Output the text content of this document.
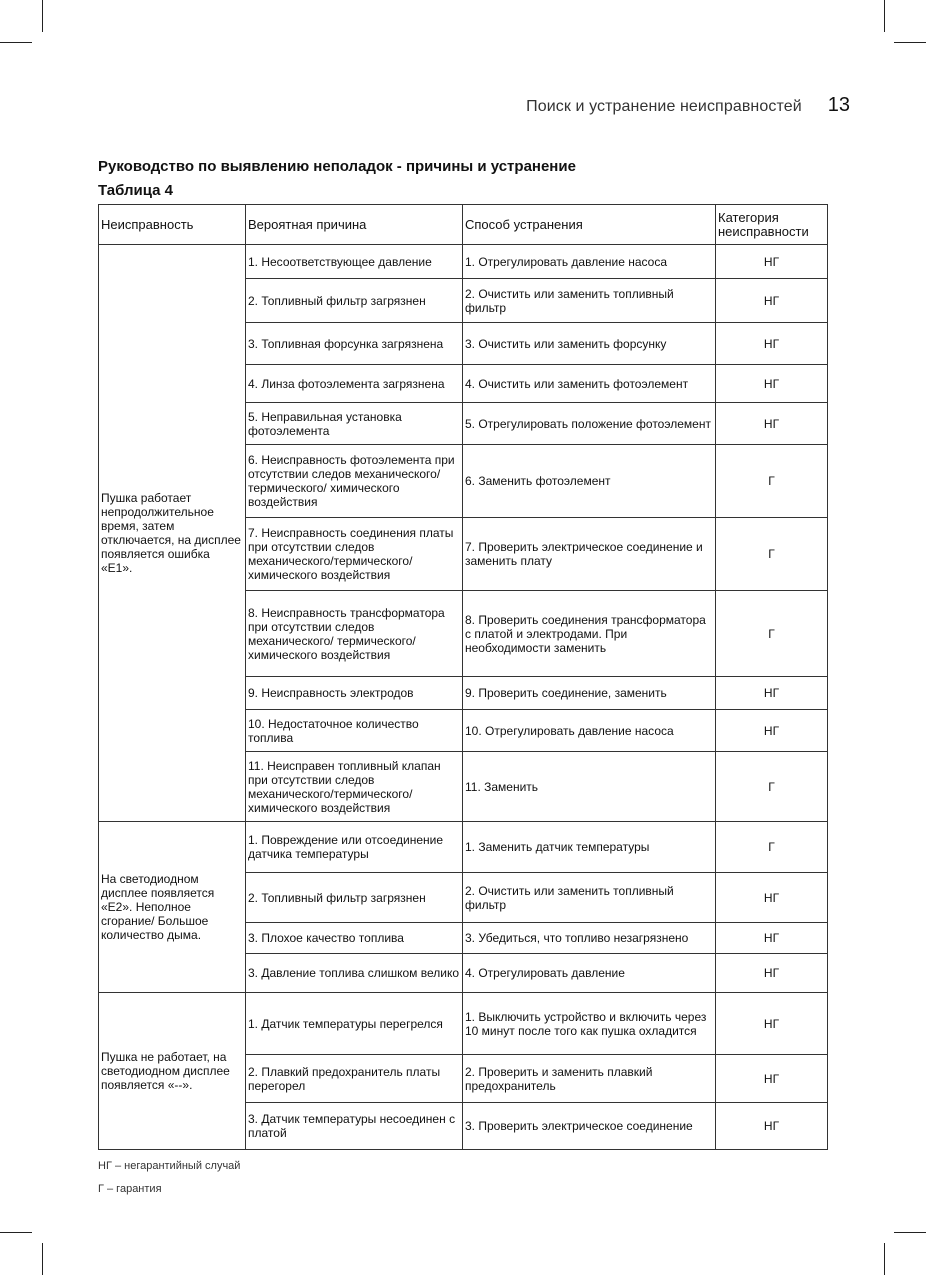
Поиск и устранение неисправностей 13
Руководство по выявлению неполадок - причины и устранение
Таблица 4
Неисправность	Вероятная причина	Способ устранения	Категория неисправности
Пушка работает непродолжительное время, затем отключается, на дисплее появляется ошибка «E1».	1. Несоответствующее давление	1. Отрегулировать давление насоса	НГ
	2. Топливный фильтр загрязнен	2. Очистить или заменить топливный фильтр	НГ
	3. Топливная форсунка загрязнена	3. Очистить или заменить форсунку	НГ
	4. Линза фотоэлемента загрязнена	4. Очистить или заменить фотоэлемент	НГ
	5. Неправильная установка фотоэлемента	5. Отрегулировать положение фотоэлемент	НГ
	6. Неисправность фотоэлемента при отсутствии следов механического/термического/ химического воздействия	6. Заменить фотоэлемент	Г
	7. Неисправность соединения платы при отсутствии следов механического/термического/ химического воздействия	7. Проверить электрическое соединение и заменить плату	Г
	8. Неисправность трансформатора при отсутствии следов механического/ термического/химического воздействия	8. Проверить соединения трансформатора с платой и электродами. При необходимости заменить	Г
	9. Неисправность электродов	9. Проверить соединение, заменить	НГ
	10. Недостаточное количество топлива	10. Отрегулировать давление насоса	НГ
	11. Неисправен топливный клапан при отсутствии следов механического/термического/ химического воздействия	11. Заменить	Г
На светодиодном дисплее появляется «E2». Неполное сгорание/ Большое количество дыма.	1. Повреждение или отсоединение датчика температуры	1. Заменить датчик температуры	Г
	2. Топливный фильтр загрязнен	2. Очистить или заменить топливный фильтр	НГ
	3. Плохое качество топлива	3. Убедиться, что топливо незагрязнено	НГ
	3. Давление топлива слишком велико	4. Отрегулировать давление	НГ
Пушка не работает, на светодиодном дисплее появляется «--».	1. Датчик температуры перегрелся	1. Выключить устройство и включить через 10 минут после того как пушка охладится	НГ
	2. Плавкий предохранитель платы перегорел	2. Проверить и заменить плавкий предохранитель	НГ
	3. Датчик температуры несоединен с платой	3. Проверить электрическое соединение	НГ
НГ – негарантийный случай
Г – гарантия
